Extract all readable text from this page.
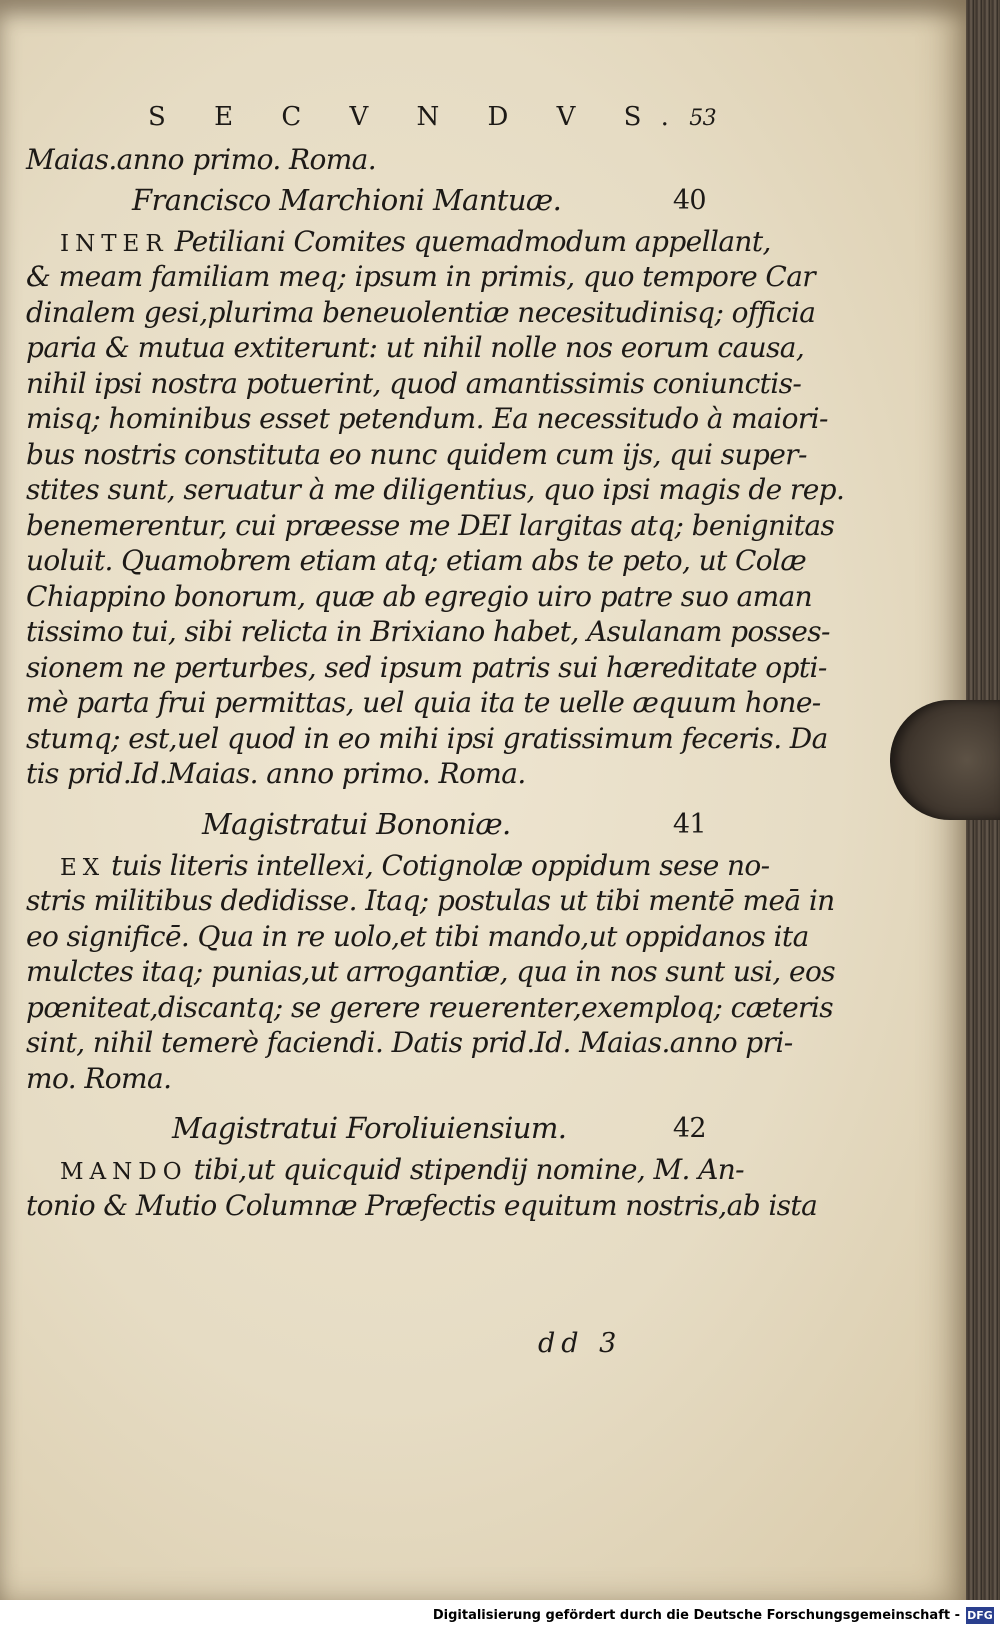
S E C V N D V S. 53
Maias.anno primo. Roma.
Francisco Marchioni Mantuæ.	40
INTER Petiliani Comites quemadmodum appellant,
& meam familiam meq; ipsum in primis, quo tempore Car
dinalem gesi,plurima beneuolentiæ necesitudinisq; officia
paria & mutua extiterunt: ut nihil nolle nos eorum causa,
nihil ipsi nostra potuerint, quod amantissimis coniunctis-
misq; hominibus esset petendum. Ea necessitudo à maiori-
bus nostris constituta eo nunc quidem cum ijs, qui super-
stites sunt, seruatur à me diligentius, quo ipsi magis de rep.
benemerentur, cui præesse me DEI largitas atq; benignitas
uoluit. Quamobrem etiam atq; etiam abs te peto, ut Colæ
Chiappino bonorum, quæ ab egregio uiro patre suo aman
tissimo tui, sibi relicta in Brixiano habet, Asulanam posses-
sionem ne perturbes, sed ipsum patris sui hæreditate opti-
mè parta frui permittas, uel quia ita te uelle æquum hone-
stumq; est,uel quod in eo mihi ipsi gratissimum feceris. Da
tis prid.Id.Maias. anno primo. Roma.
Magistratui Bononiæ.	41
EX tuis literis intellexi, Cotignolæ oppidum sese no-
stris militibus dedidisse. Itaq; postulas ut tibi mentē meā in
eo significē. Qua in re uolo,et tibi mando,ut oppidanos ita
mulctes itaq; punias,ut arrogantiæ, qua in nos sunt usi, eos
pœniteat,discantq; se gerere reuerenter,exemploq; cæteris
sint, nihil temerè faciendi. Datis prid.Id. Maias.anno pri-
mo. Roma.
Magistratui Foroliuiensium.	42
MANDO tibi,ut quicquid stipendij nomine, M. An-
tonio & Mutio Columnæ Præfectis equitum nostris,ab ista
dd 3
Digitalisierung gefördert durch die Deutsche Forschungsgemeinschaft - DFG
